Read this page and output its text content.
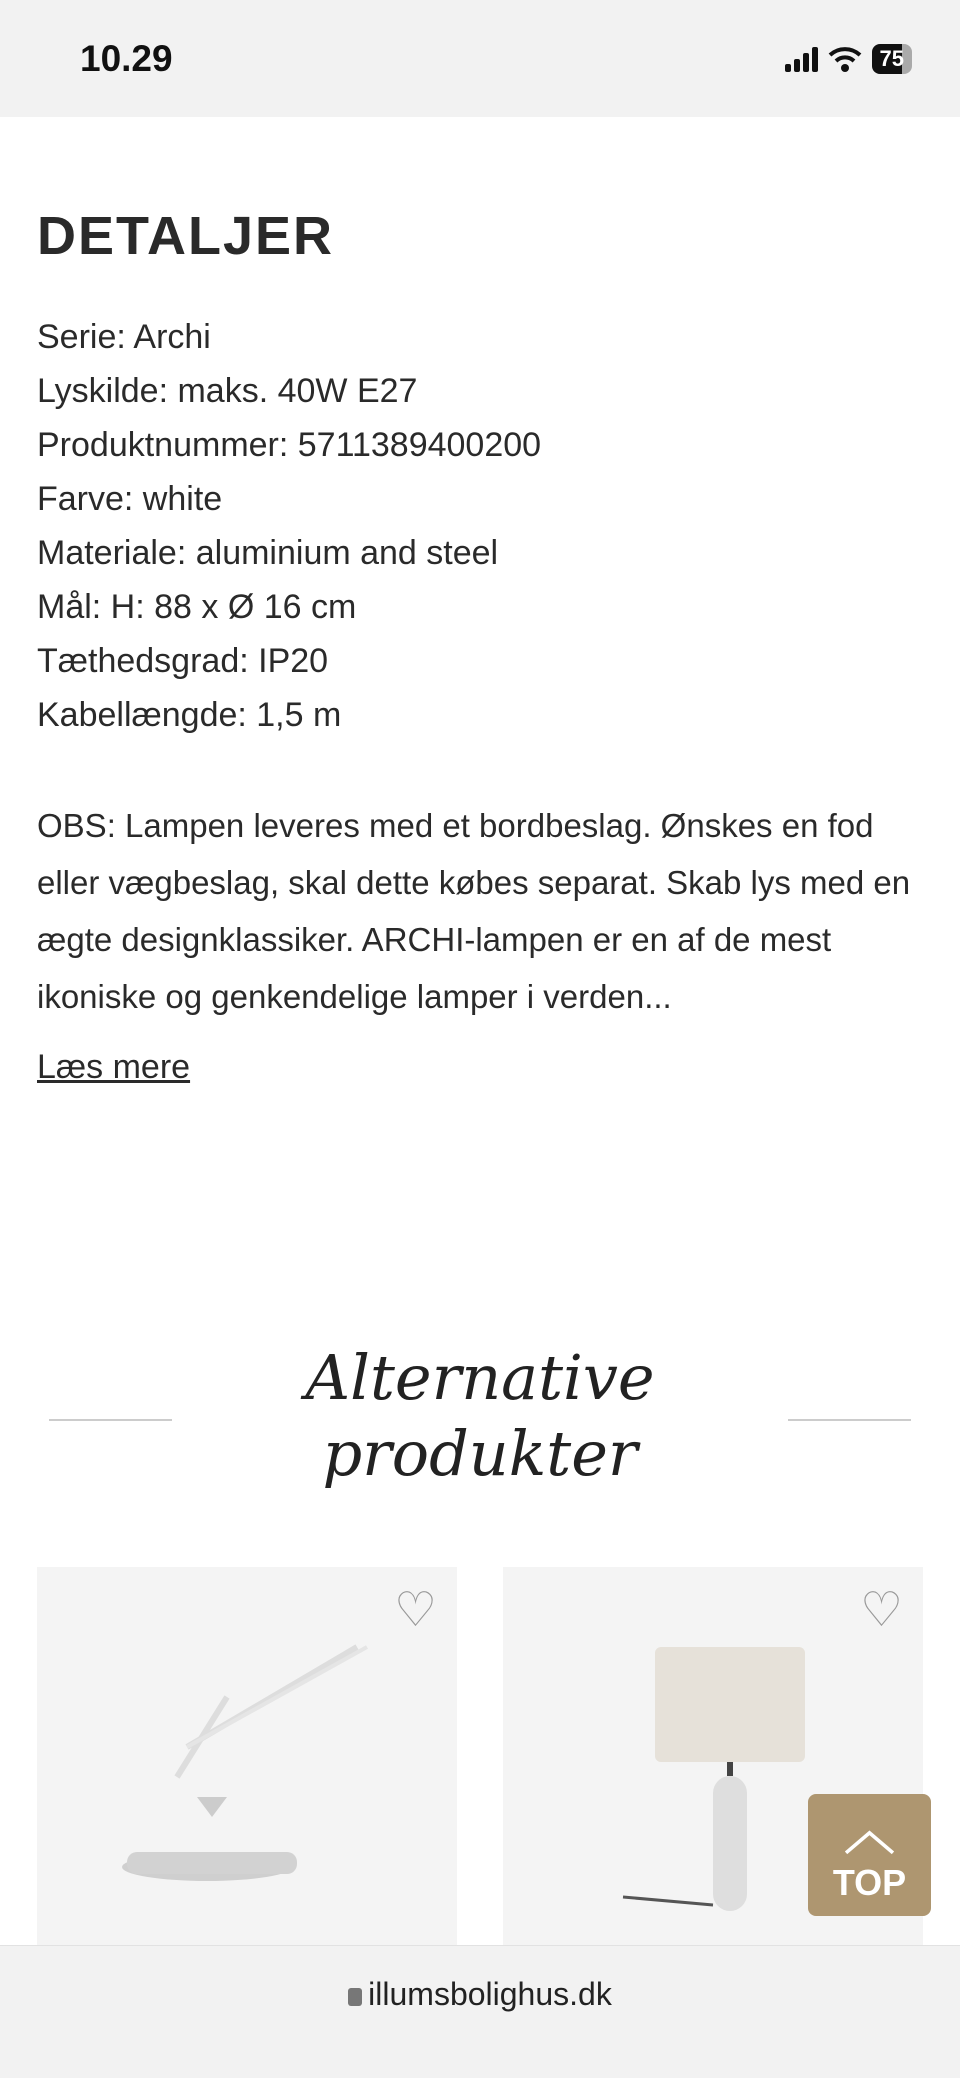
10.29	75
DETALJER
Serie: Archi
Lyskilde: maks. 40W E27
Produktnummer: 5711389400200
Farve: white
Materiale: aluminium and steel
Mål: H: 88 x Ø 16 cm
Tæthedsgrad: IP20
Kabellængde: 1,5 m

OBS: Lampen leveres med et bordbeslag. Ønskes en fod eller vægbeslag, skal dette købes separat. Skab lys med en ægte designklassiker. ARCHI-lampen er en af de mest ikoniske og genkendelige lamper i verden...

Læs mere
Alternative
produkter
♡	♡
︿
TOP
illumsbolighus.dk
